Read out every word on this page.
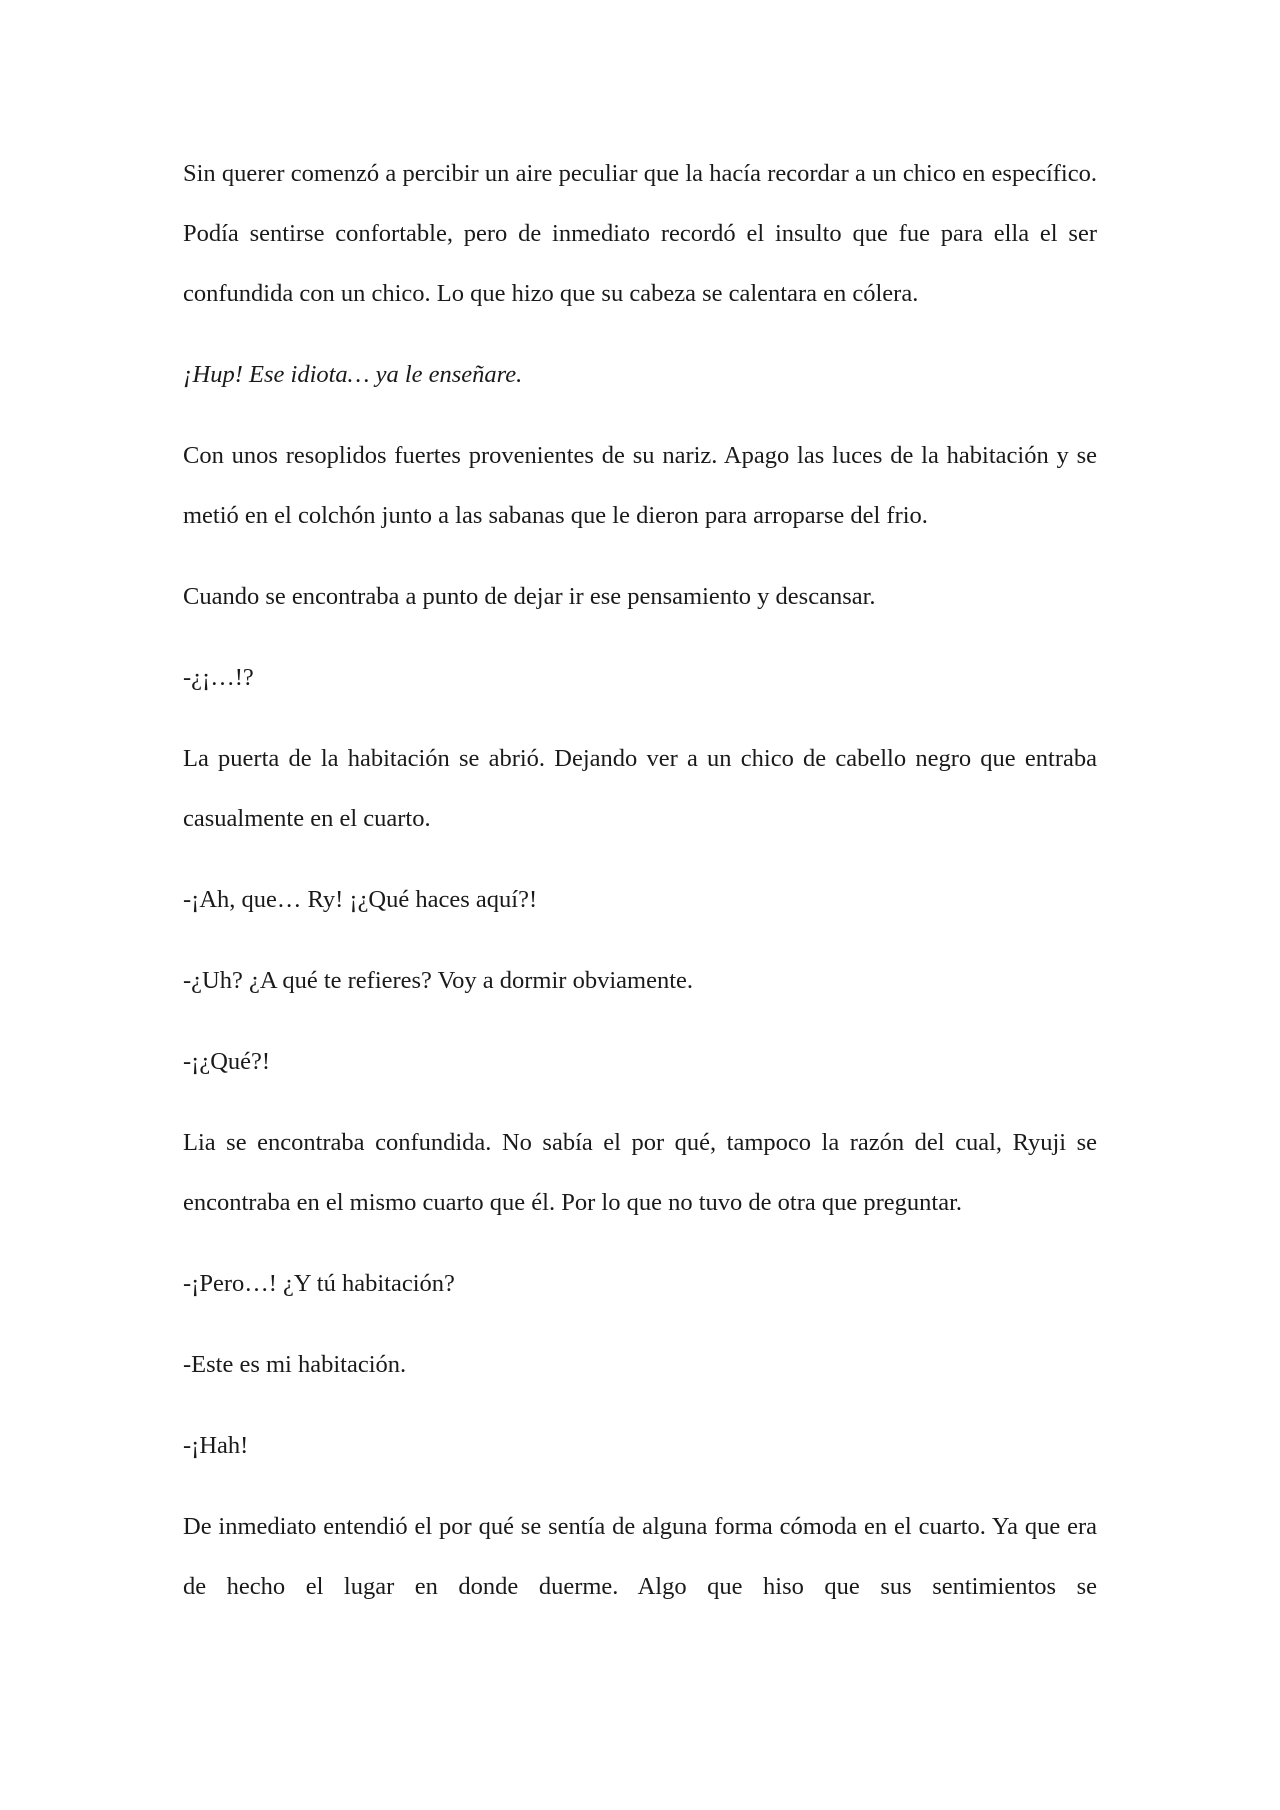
Sin querer comenzó a percibir un aire peculiar que la hacía recordar a un chico en específico. Podía sentirse confortable, pero de inmediato recordó el insulto que fue para ella el ser confundida con un chico. Lo que hizo que su cabeza se calentara en cólera.

¡Hup! Ese idiota… ya le enseñare.

Con unos resoplidos fuertes provenientes de su nariz. Apago las luces de la habitación y se metió en el colchón junto a las sabanas que le dieron para arroparse del frio.

Cuando se encontraba a punto de dejar ir ese pensamiento y descansar.

-¿¡…!?

La puerta de la habitación se abrió. Dejando ver a un chico de cabello negro que entraba casualmente en el cuarto.

-¡Ah, que… Ry! ¡¿Qué haces aquí?!

-¿Uh? ¿A qué te refieres? Voy a dormir obviamente.

-¡¿Qué?!

Lia se encontraba confundida. No sabía el por qué, tampoco la razón del cual, Ryuji se encontraba en el mismo cuarto que él. Por lo que no tuvo de otra que preguntar.

-¡Pero…! ¿Y tú habitación?

-Este es mi habitación.

-¡Hah!

De inmediato entendió el por qué se sentía de alguna forma cómoda en el cuarto. Ya que era de hecho el lugar en donde duerme. Algo que hiso que sus sentimientos se
